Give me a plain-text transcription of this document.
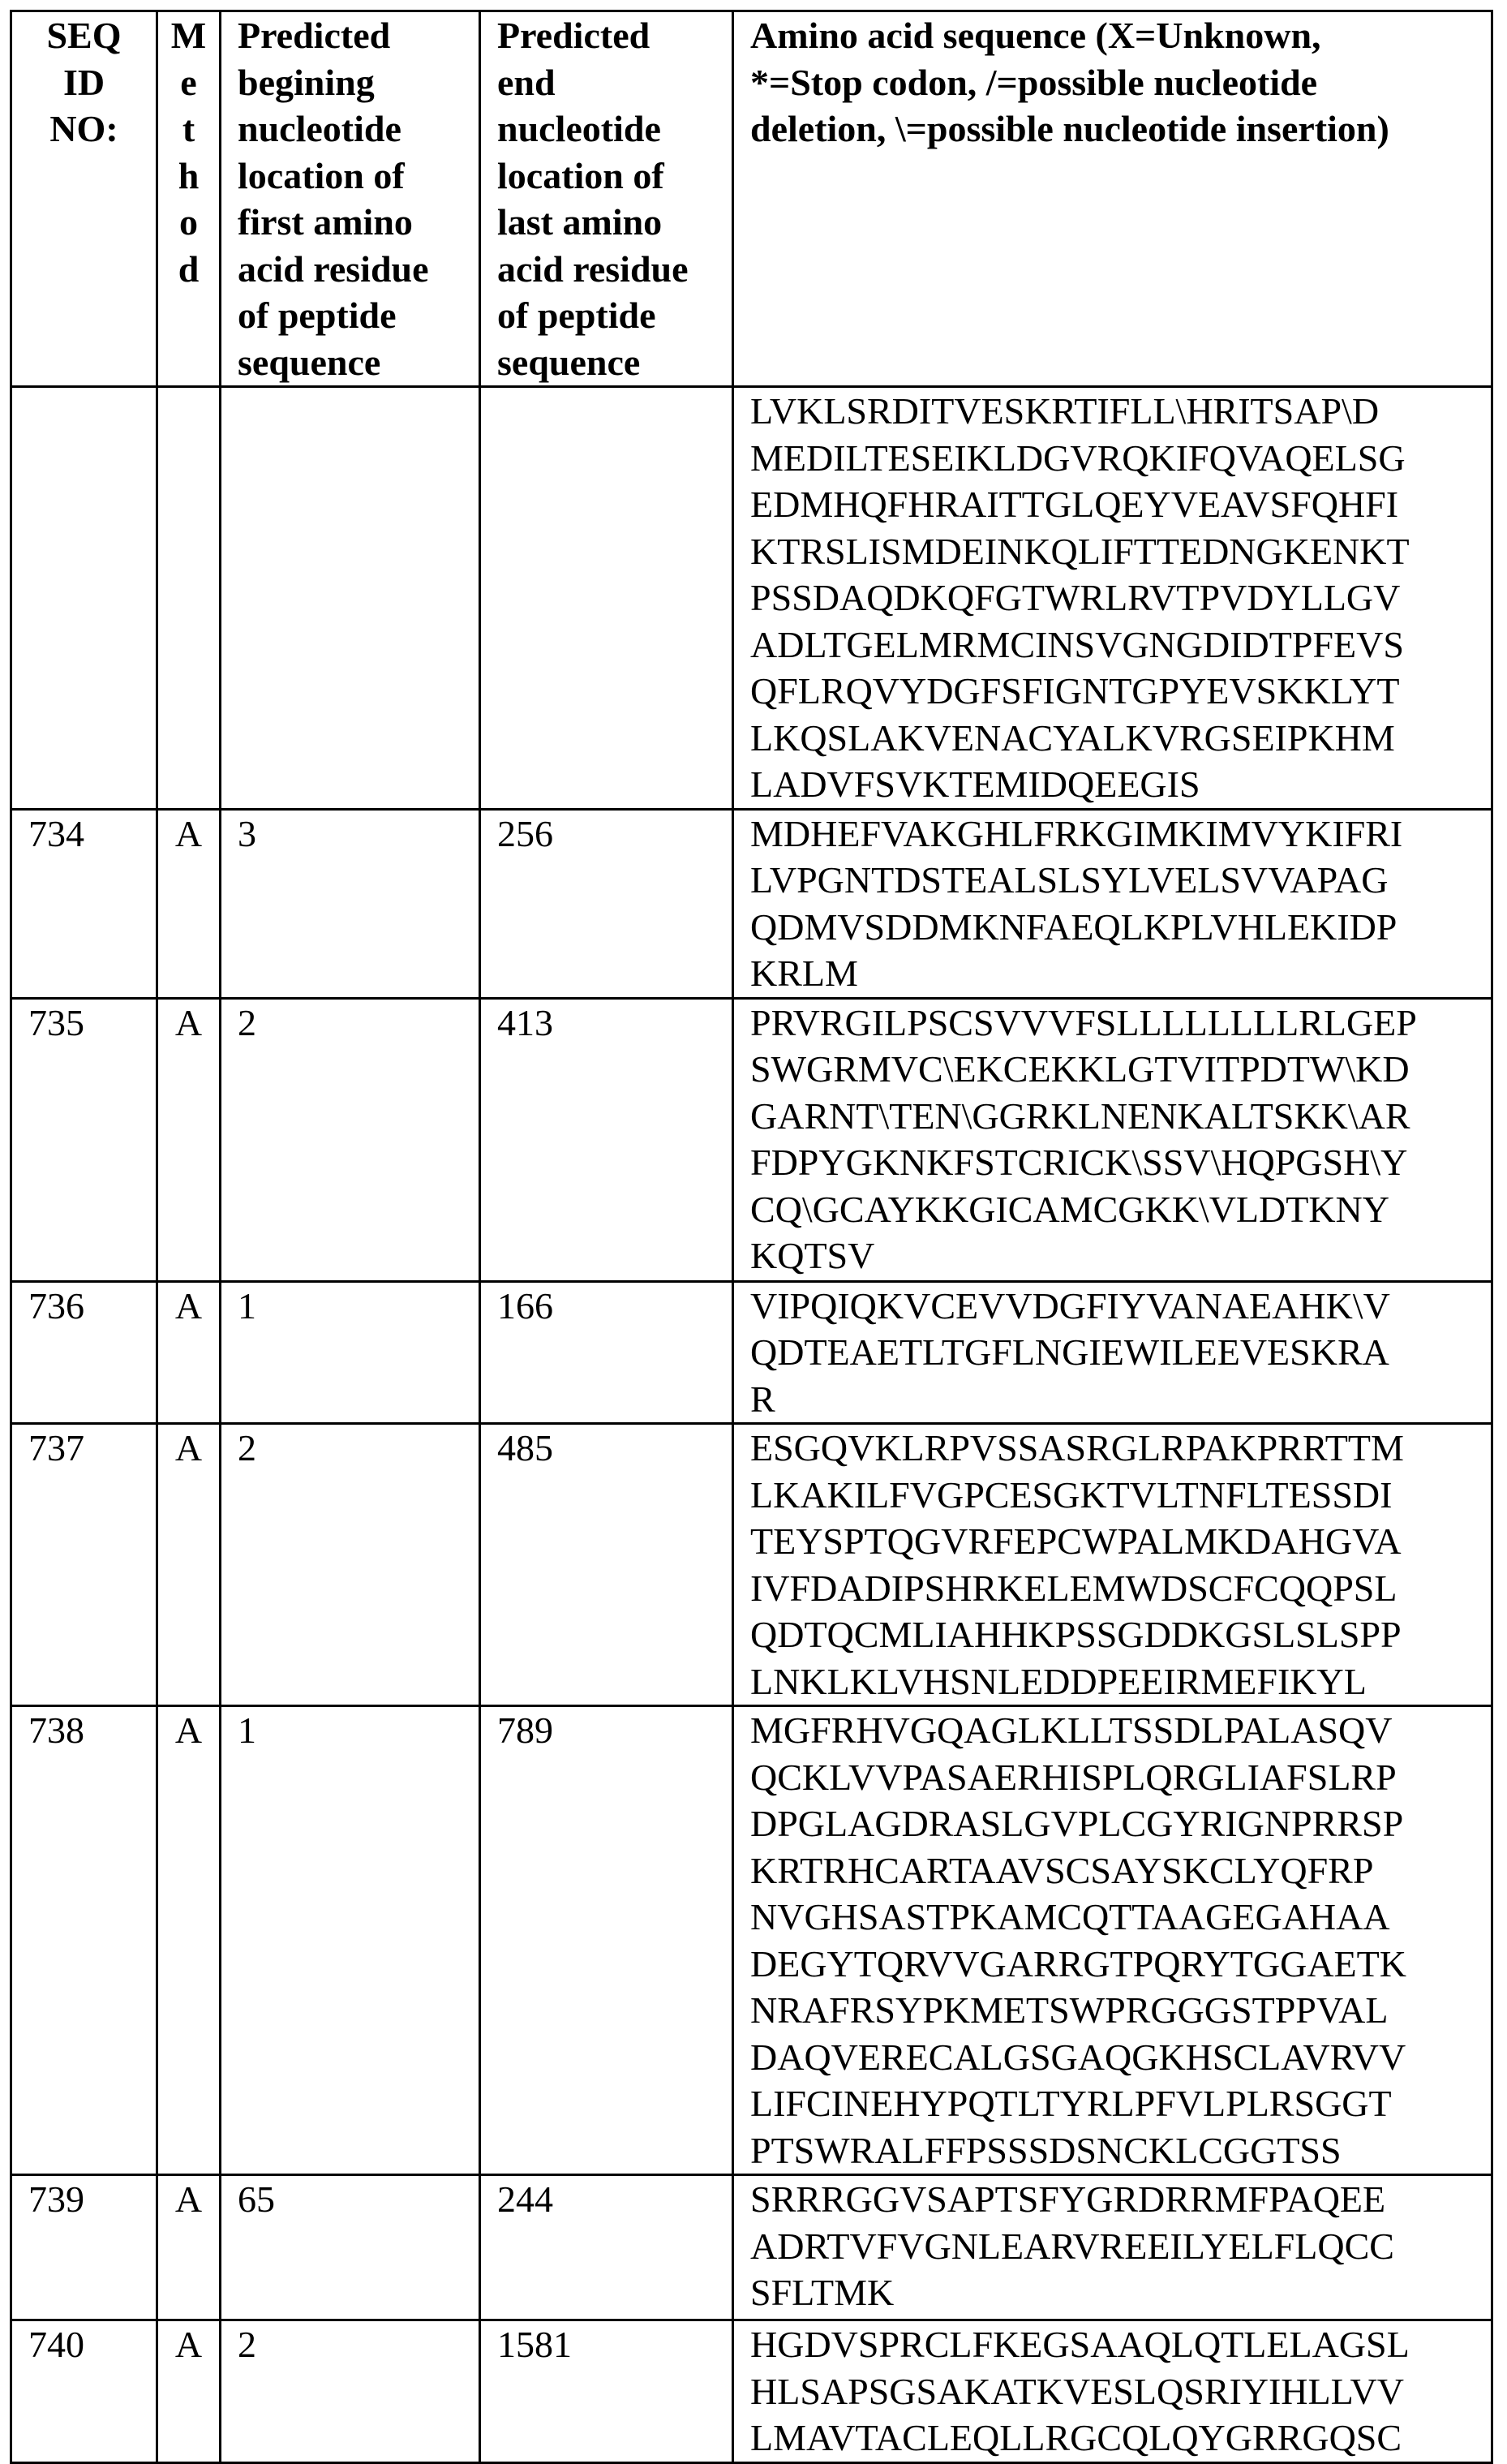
SEQ
ID
NO:

M
e
t
h
o
d

Predicted
begining
nucleotide
location of
first amino
acid residue
of peptide
sequence

Predicted
end
nucleotide
location of
last amino
acid residue
of peptide
sequence

Amino acid sequence (X=Unknown,
*=Stop codon, /=possible nucleotide
deletion, \=possible nucleotide insertion)

LVKLSRDITVESKRTIFLL\HRITSAP\D
MEDILTESEIKLDGVRQKIFQVAQELSG
EDMHQFHRAITTGLQEYVEAVSFQHFI
KTRSLISMDEINKQLIFTTEDNGKENKT
PSSDAQDKQFGTWRLRVTPVDYLLGV
ADLTGELMRMCINSVGNGDIDTPFEVS
QFLRQVYDGFSFIGNTGPYEVSKKLYT
LKQSLAKVENACYALKVRGSEIPKHM
LADVFSVKTEMIDQEEGIS

734	A	3	256	MDHEFVAKGHLFRKGIMKIMVYKIFRI
LVPGNTDSTEALSLSYLVELSVVAPAG
QDMVSDDMKNFAEQLKPLVHLEKIDP
KRLM

735	A	2	413	PRVRGILPSCSVVVFSLLLLLLLLRLGEP
SWGRMVC\EKCEKKLGTVITPDTW\KD
GARNT\TEN\GGRKLNENKALTSKK\AR
FDPYGKNKFSTCRICK\SSV\HQPGSH\Y
CQ\GCAYKKGICAMCGKK\VLDTKNY
KQTSV

736	A	1	166	VIPQIQKVCEVVDGFIYVANAEAHK\V
QDTEAETLTGFLNGIEWILEEVESKRA
R

737	A	2	485	ESGQVKLRPVSSASRGLRPAKPRRTTM
LKAKILFVGPCESGKTVLTNFLTESSDI
TEYSPTQGVRFEPCWPALMKDAHGVA
IVFDADIPSHRKELEMWDSCFCQQPSL
QDTQCMLIAHHKPSSGDDKGSLSLSPP
LNKLKLVHSNLEDDPEEIRMEFIKYL

738	A	1	789	MGFRHVGQAGLKLLTSSDLPALASQV
QCKLVVPASAERHISPLQRGLIAFSLRP
DPGLAGDRASLGVPLCGYRIGNPRRSP
KRTRHCARTAAVSCSAYSKCLYQFRP
NVGHSASTPKAMCQTTAAGEGAHAA
DEGYTQRVVGARRGTPQRYTGGAETK
NRAFRSYPKMETSWPRGGGSTPPVAL
DAQVERECALGSGAQGKHSCLAVRVV
LIFCINEHYPQTLTYRLPFVLPLRSGGT
PTSWRALFFPSSSDSNCKLCGGTSS

739	A	65	244	SRRRGGVSAPTSFYGRDRRMFPAQEE
ADRTVFVGNLEARVREEILYELFLQCC
SFLTMK

740	A	2	1581	HGDVSPRCLFKEGSAAQLQTLELAGSL
HLSAPSGSAKATKVESLQSRIYIHLLVV
LMAVTACLEQLLRGCQLQYGRRGQSC
